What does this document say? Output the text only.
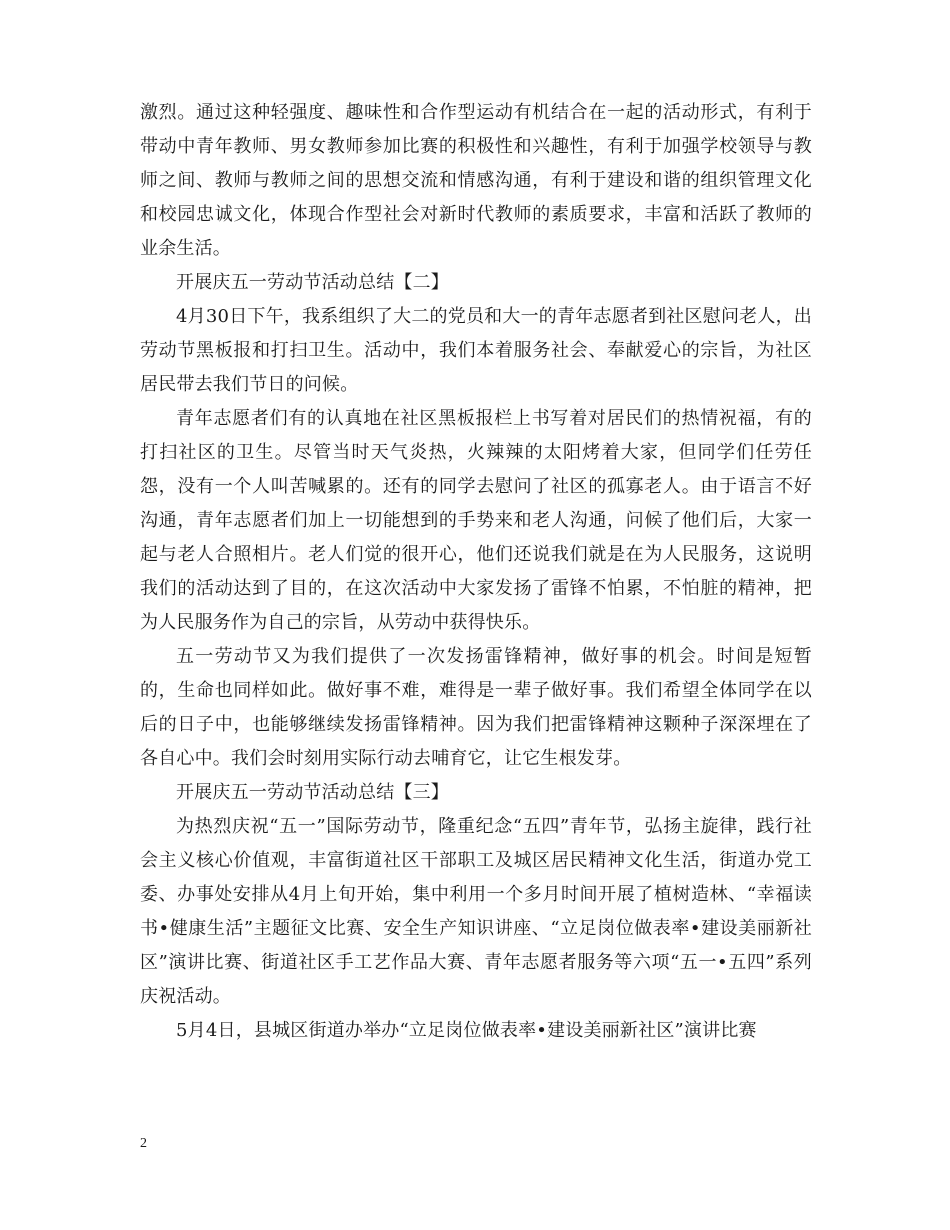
激烈。通过这种轻强度、趣味性和合作型运动有机结合在一起的活动形式，有利于带动中青年教师、男女教师参加比赛的积极性和兴趣性，有利于加强学校领导与教师之间、教师与教师之间的思想交流和情感沟通，有利于建设和谐的组织管理文化和校园忠诚文化，体现合作型社会对新时代教师的素质要求，丰富和活跃了教师的业余生活。

开展庆五一劳动节活动总结【二】

4月30日下午，我系组织了大二的党员和大一的青年志愿者到社区慰问老人，出劳动节黑板报和打扫卫生。活动中，我们本着服务社会、奉献爱心的宗旨，为社区居民带去我们节日的问候。

青年志愿者们有的认真地在社区黑板报栏上书写着对居民们的热情祝福，有的打扫社区的卫生。尽管当时天气炎热，火辣辣的太阳烤着大家，但同学们任劳任怨，没有一个人叫苦喊累的。还有的同学去慰问了社区的孤寡老人。由于语言不好沟通，青年志愿者们加上一切能想到的手势来和老人沟通，问候了他们后，大家一起与老人合照相片。老人们觉的很开心，他们还说我们就是在为人民服务，这说明我们的活动达到了目的，在这次活动中大家发扬了雷锋不怕累，不怕脏的精神，把为人民服务作为自己的宗旨，从劳动中获得快乐。

五一劳动节又为我们提供了一次发扬雷锋精神，做好事的机会。时间是短暂的，生命也同样如此。做好事不难，难得是一辈子做好事。我们希望全体同学在以后的日子中，也能够继续发扬雷锋精神。因为我们把雷锋精神这颗种子深深埋在了各自心中。我们会时刻用实际行动去哺育它，让它生根发芽。

开展庆五一劳动节活动总结【三】

为热烈庆祝“五一”国际劳动节，隆重纪念“五四”青年节，弘扬主旋律，践行社会主义核心价值观，丰富街道社区干部职工及城区居民精神文化生活，街道办党工委、办事处安排从4月上旬开始，集中利用一个多月时间开展了植树造林、“幸福读书•健康生活”主题征文比赛、安全生产知识讲座、“立足岗位做表率•建设美丽新社区”演讲比赛、街道社区手工艺作品大赛、青年志愿者服务等六项“五一•五四”系列庆祝活动。

5月4日，县城区街道办举办“立足岗位做表率•建设美丽新社区”演讲比赛

2
